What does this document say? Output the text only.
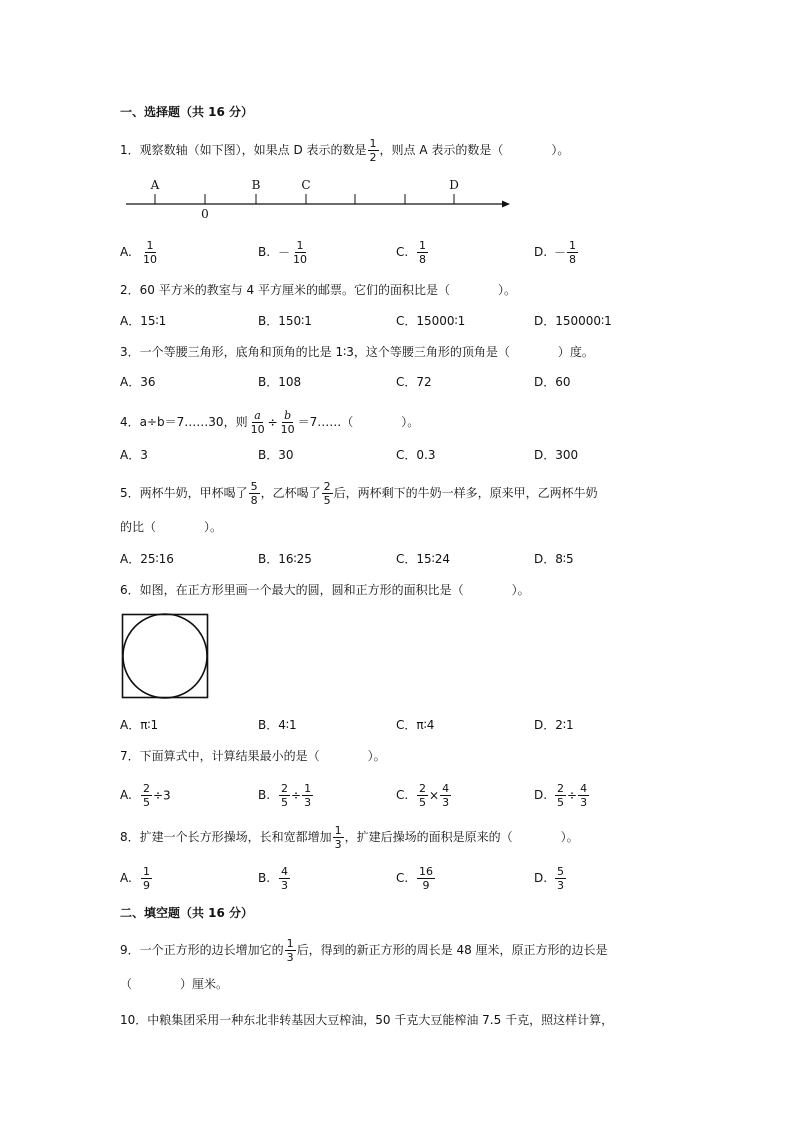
一、选择题（共 16 分）
1．观察数轴（如下图），如果点 D 表示的数是 $\frac{1}{2}$ ，则点 A 表示的数是（　　　　）。
A	B	C	D
0
A. $\frac{1}{10}$	B. － $\frac{1}{10}$	C. $\frac{1}{8}$	D. － $\frac{1}{8}$
2．60 平方米的教室与 4 平方厘米的邮票。它们的面积比是（　　　　）。
A．15∶1	B．150∶1	C．15000∶1	D．150000∶1
3．一个等腰三角形，底角和顶角的比是 1∶3，这个等腰三角形的顶角是（　　　　）度。
A．36	B．108	C．72	D．60
4．a÷b＝7……30，则 $\frac{a}{10} \div \frac{b}{10}$ ＝7……（　　　　）。
A．3	B．30	C．0.3	D．300
5．两杯牛奶，甲杯喝了 $\frac{5}{8}$ ，乙杯喝了 $\frac{2}{5}$ 后，两杯剩下的牛奶一样多，原来甲，乙两杯牛奶
的比（　　　　）。
A．25∶16	B．16∶25	C．15∶24	D．8∶5
6．如图，在正方形里画一个最大的圆，圆和正方形的面积比是（　　　　）。
A．π∶1	B．4∶1	C．π∶4	D．2∶1
7．下面算式中，计算结果最小的是（　　　　）。
A. $\frac{2}{5} \div 3$	B. $\frac{2}{5} \div \frac{1}{3}$	C. $\frac{2}{5} \times \frac{4}{3}$	D. $\frac{2}{5} \div \frac{4}{3}$
8．扩建一个长方形操场，长和宽都增加 $\frac{1}{3}$ ，扩建后操场的面积是原来的（　　　　）。
A. $\frac{1}{9}$	B. $\frac{4}{3}$	C. $\frac{16}{9}$	D. $\frac{5}{3}$
二、填空题（共 16 分）
9．一个正方形的边长增加它的 $\frac{1}{3}$ 后，得到的新正方形的周长是 48 厘米，原正方形的边长是
（　　　　）厘米。
10．中粮集团采用一种东北非转基因大豆榨油，50 千克大豆能榨油 7.5 千克，照这样计算，
